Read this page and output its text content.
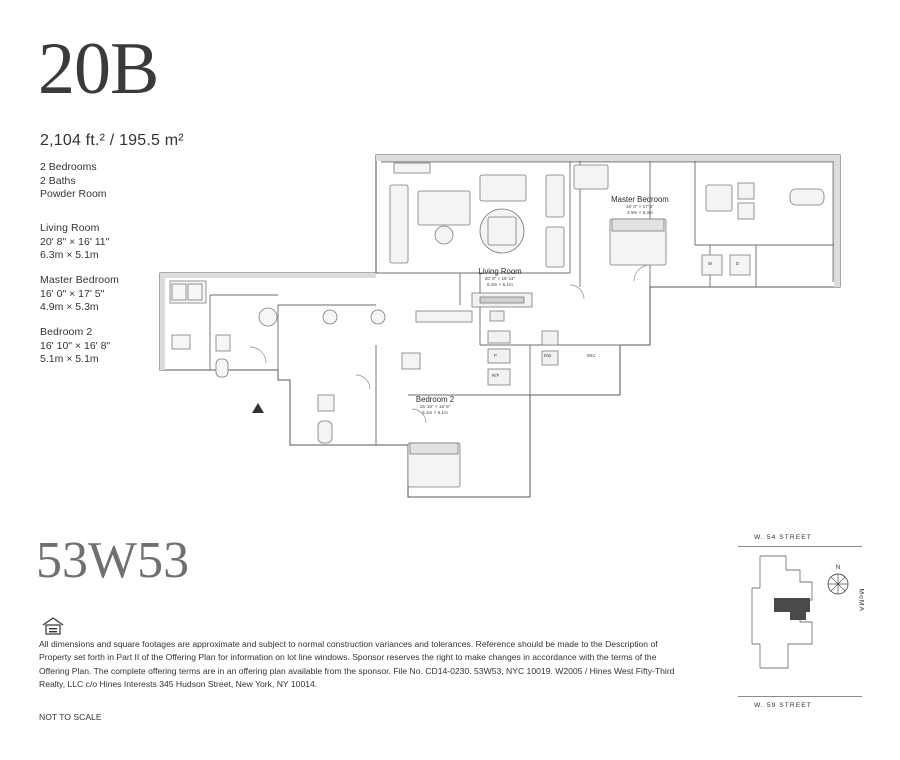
20B
2,104 ft.² / 195.5 m²
2 Bedrooms
2 Baths
Powder Room
Living Room
20' 8" × 16' 11"
6.3m × 5.1m
Master Bedroom
16' 0" × 17' 5"
4.9m × 5.3m
Bedroom 2
16' 10" × 16' 8"
5.1m × 5.1m
Living Room
20' 8" × 16' 11"
6.3m × 5.1m
Master Bedroom
16' 0" × 17' 5"
4.9m × 5.3m
Bedroom 2
16' 10" × 16' 8"
5.1m × 5.1m
WIC
P
R/F
DW
W	D
53W53
All dimensions and square footages are approximate and subject to normal construction variances and tolerances. Reference should be made to the Description of Property set forth in Part II of the Offering Plan for information on lot line windows. Sponsor reserves the right to make changes in accordance with the terms of the Offering Plan. The complete offering terms are in an offering plan available from the sponsor. File No. CD14-0230. 53W53, NYC 10019. W2005 / Hines West Fifty-Third Realty, LLC c/o Hines Interests 345 Hudson Street, New York, NY 10014.
NOT TO SCALE
W. 54 STREET
W. 59 STREET
N
MoMA
